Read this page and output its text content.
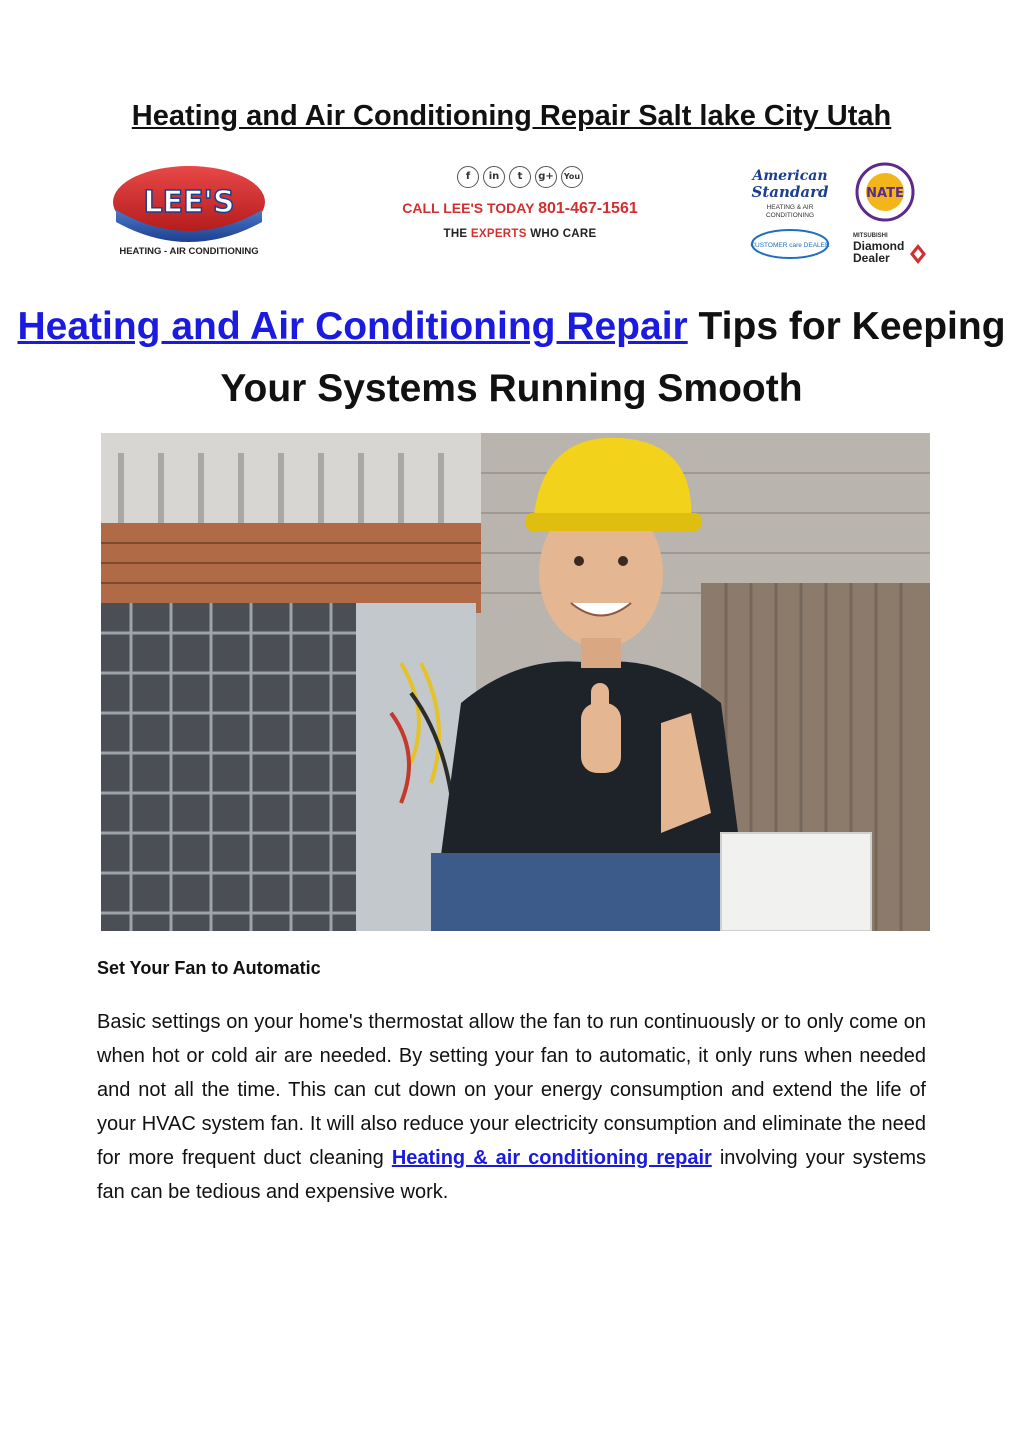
Heating and Air Conditioning Repair Salt lake City Utah
LEE'S
HEATING - AIR CONDITIONING
f	in	t	g+	You
CALL LEE'S TODAY 801-467-1561
THE EXPERTS WHO CARE
American
Standard
HEATING & AIR
CONDITIONING
CUSTOMER care DEALER
NATE
MITSUBISHI
Diamond
Dealer
Heating and Air Conditioning Repair Tips for Keeping Your Systems Running Smooth
Set Your Fan to Automatic
Basic settings on your home's thermostat allow the fan to run continuously or to only come on when hot or cold air are needed. By setting your fan to automatic, it only runs when needed and not all the time. This can cut down on your energy consumption and extend the life of your HVAC system fan. It will also reduce your electricity consumption and eliminate the need for more frequent duct cleaning Heating & air conditioning repair involving your systems fan can be tedious and expensive work.
